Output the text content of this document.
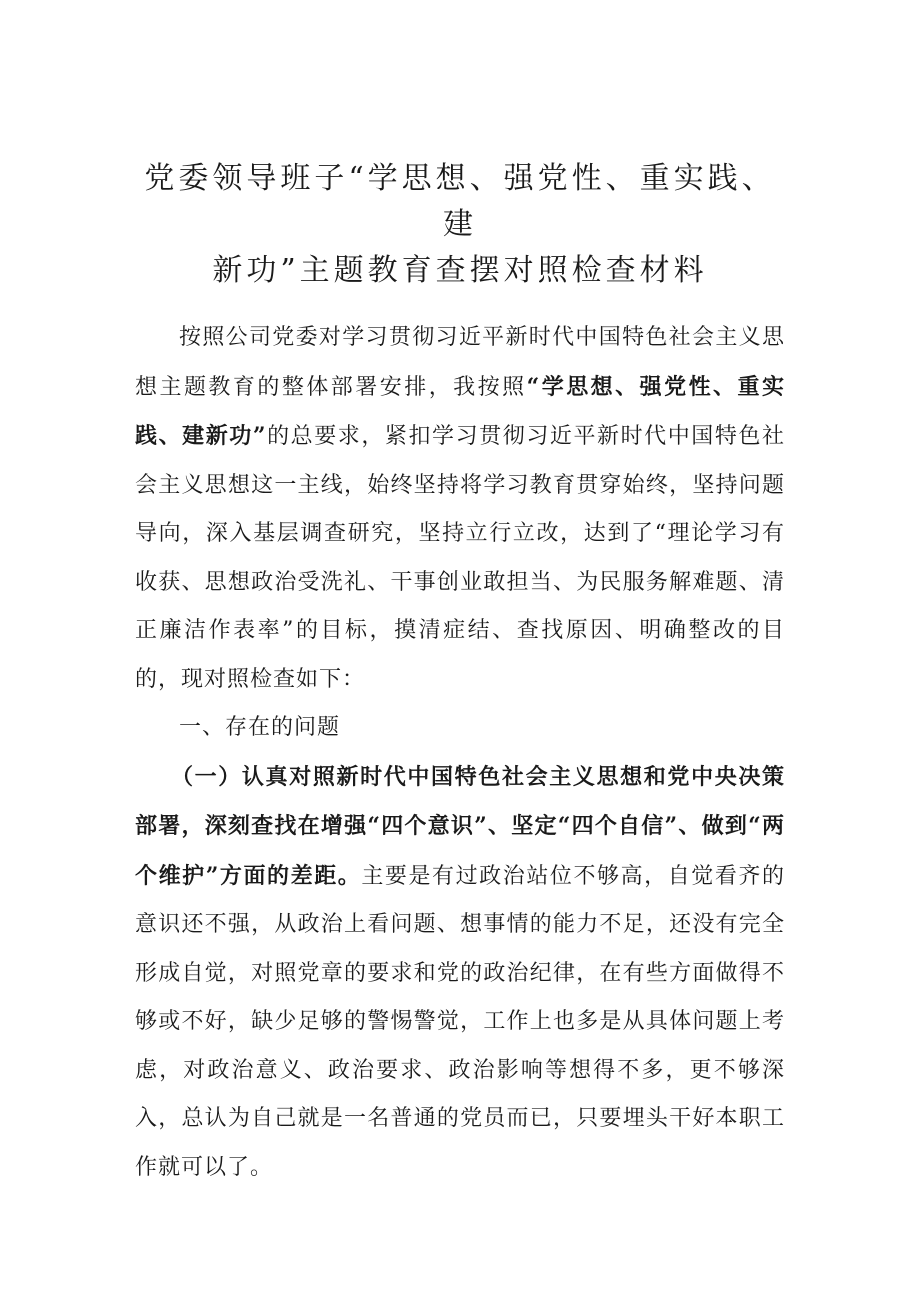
党委领导班子“学思想、强党性、重实践、建
新功”主题教育查摆对照检查材料

按照公司党委对学习贯彻习近平新时代中国特色社会主义思想主题教育的整体部署安排，我按照“学思想、强党性、重实践、建新功”的总要求，紧扣学习贯彻习近平新时代中国特色社会主义思想这一主线，始终坚持将学习教育贯穿始终，坚持问题导向，深入基层调查研究，坚持立行立改，达到了“理论学习有收获、思想政治受洗礼、干事创业敢担当、为民服务解难题、清正廉洁作表率”的目标，摸清症结、查找原因、明确整改的目的，现对照检查如下：

一、存在的问题

（一）认真对照新时代中国特色社会主义思想和党中央决策部署，深刻查找在增强“四个意识”、坚定“四个自信”、做到“两个维护”方面的差距。主要是有过政治站位不够高，自觉看齐的意识还不强，从政治上看问题、想事情的能力不足，还没有完全形成自觉，对照党章的要求和党的政治纪律，在有些方面做得不够或不好，缺少足够的警惕警觉，工作上也多是从具体问题上考虑，对政治意义、政治要求、政治影响等想得不多，更不够深入，总认为自己就是一名普通的党员而已，只要埋头干好本职工作就可以了。
